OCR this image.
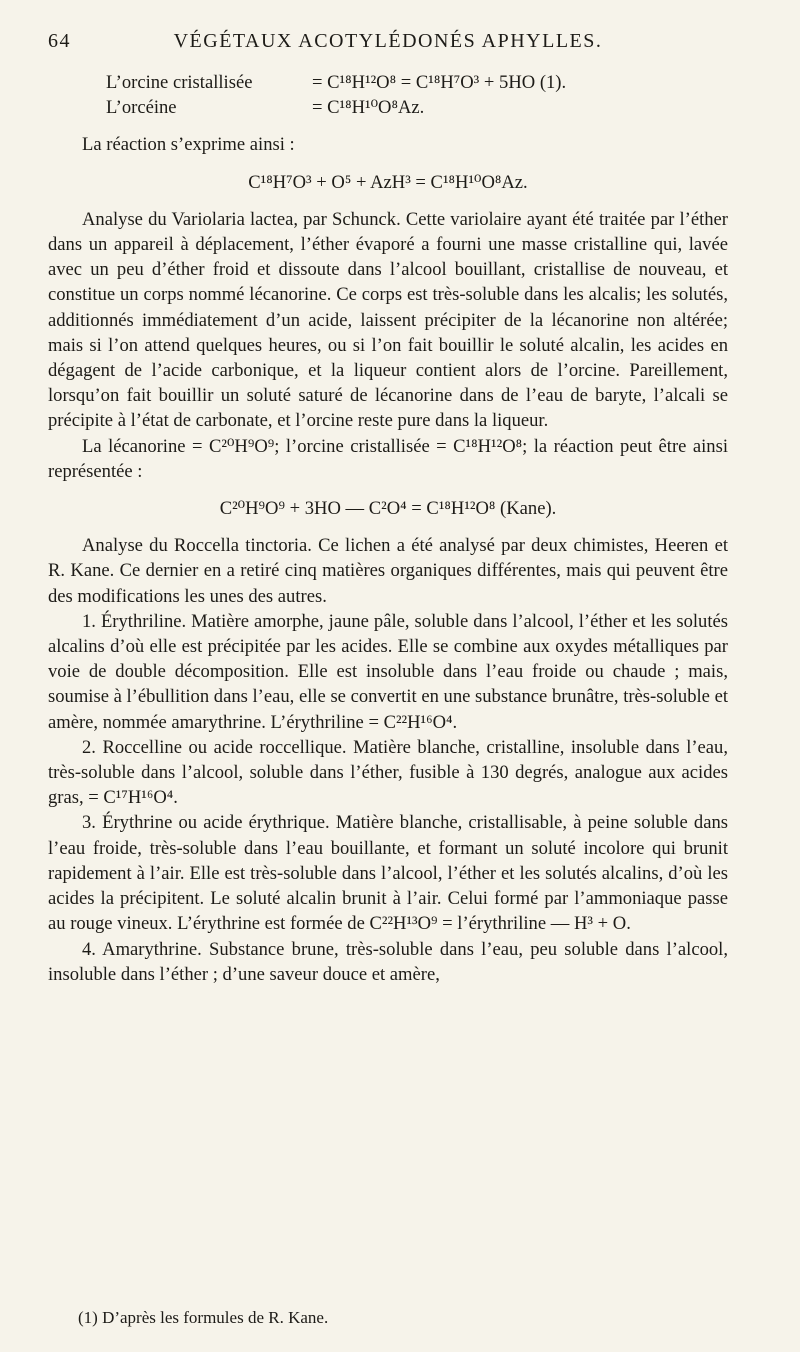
64	VÉGÉTAUX ACOTYLÉDONÉS APHYLLES.
L’orcine cristallisée	= C¹⁸H¹²O⁸ = C¹⁸H⁷O³ + 5HO (1).
L’orcéine	= C¹⁸H¹⁰O⁸Az.
La réaction s’exprime ainsi :
C¹⁸H⁷O³ + O⁵ + AzH³ = C¹⁸H¹⁰O⁸Az.

Analyse du Variolaria lactea, par Schunck. Cette variolaire ayant été traitée par l’éther dans un appareil à déplacement, l’éther évaporé a fourni une masse cristalline qui, lavée avec un peu d’éther froid et dissoute dans l’alcool bouillant, cristallise de nouveau, et constitue un corps nommé lécanorine. Ce corps est très-soluble dans les alcalis; les solutés, additionnés immédiatement d’un acide, laissent précipiter de la lécanorine non altérée; mais si l’on attend quelques heures, ou si l’on fait bouillir le soluté alcalin, les acides en dégagent de l’acide carbonique, et la liqueur contient alors de l’orcine. Pareillement, lorsqu’on fait bouillir un soluté saturé de lécanorine dans de l’eau de baryte, l’alcali se précipite à l’état de carbonate, et l’orcine reste pure dans la liqueur.

La lécanorine = C²⁰H⁹O⁹; l’orcine cristallisée = C¹⁸H¹²O⁸; la réaction peut être ainsi représentée :

C²⁰H⁹O⁹ + 3HO — C²O⁴ = C¹⁸H¹²O⁸ (Kane).

Analyse du Roccella tinctoria. Ce lichen a été analysé par deux chimistes, Heeren et R. Kane. Ce dernier en a retiré cinq matières organiques différentes, mais qui peuvent être des modifications les unes des autres.

1. Érythriline. Matière amorphe, jaune pâle, soluble dans l’alcool, l’éther et les solutés alcalins d’où elle est précipitée par les acides. Elle se combine aux oxydes métalliques par voie de double décomposition. Elle est insoluble dans l’eau froide ou chaude ; mais, soumise à l’ébullition dans l’eau, elle se convertit en une substance brunâtre, très-soluble et amère, nommée amarythrine. L’érythriline = C²²H¹⁶O⁴.

2. Roccelline ou acide roccellique. Matière blanche, cristalline, insoluble dans l’eau, très-soluble dans l’alcool, soluble dans l’éther, fusible à 130 degrés, analogue aux acides gras, = C¹⁷H¹⁶O⁴.

3. Érythrine ou acide érythrique. Matière blanche, cristallisable, à peine soluble dans l’eau froide, très-soluble dans l’eau bouillante, et formant un soluté incolore qui brunit rapidement à l’air. Elle est très-soluble dans l’alcool, l’éther et les solutés alcalins, d’où les acides la précipitent. Le soluté alcalin brunit à l’air. Celui formé par l’ammoniaque passe au rouge vineux. L’érythrine est formée de C²²H¹³O⁹ = l’érythriline — H³ + O.

4. Amarythrine. Substance brune, très-soluble dans l’eau, peu soluble dans l’alcool, insoluble dans l’éther ; d’une saveur douce et amère,

(1) D’après les formules de R. Kane.
